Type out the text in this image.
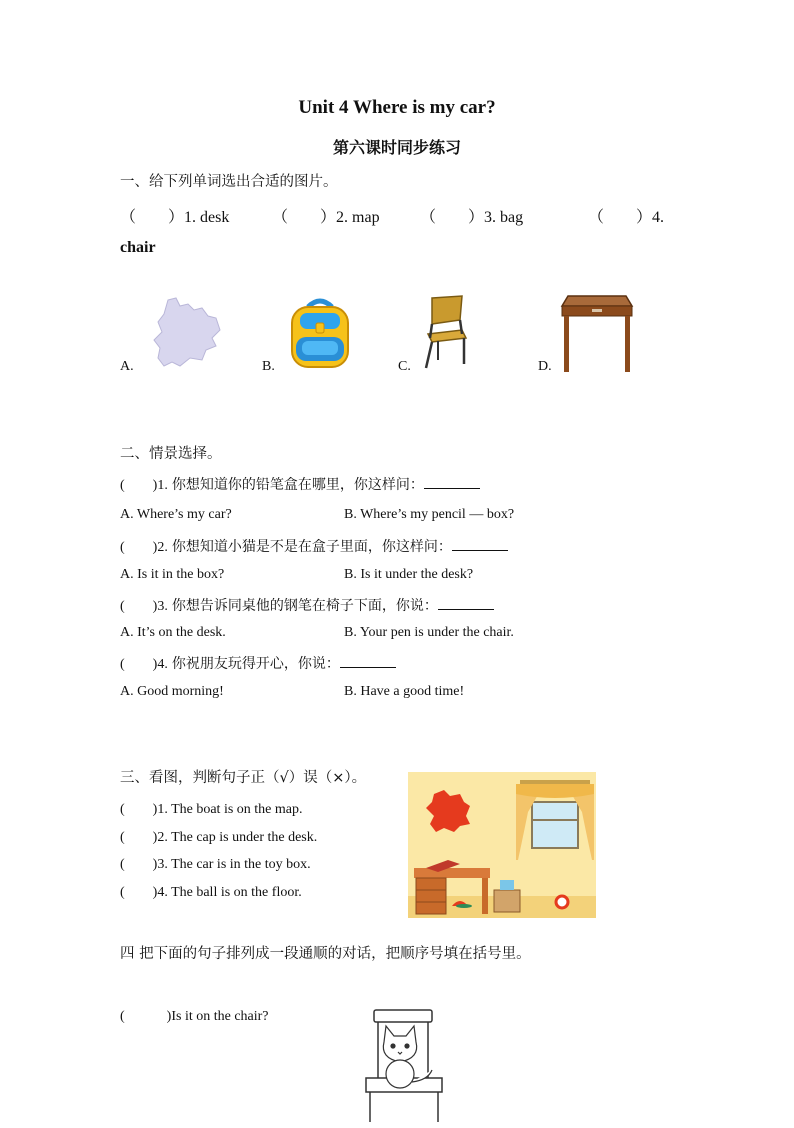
Unit 4 Where is my car?
第六课时同步练习
一、给下列单词选出合适的图片。
（　　）1. desk	（　　）2. map	（　　）3. bag	（　　）4.
chair
A.	B.	C.	D.
二、情景选择。
(　　)1. 你想知道你的铅笔盒在哪里，你这样问：
A. Where’s my car?	B. Where’s my pencil — box?
(　　)2. 你想知道小猫是不是在盒子里面，你这样问：
A. Is it in the box?	B. Is it under the desk?
(　　)3. 你想告诉同桌他的钢笔在椅子下面，你说：
A. It’s on the desk.	B. Your pen is under the chair.
(　　)4. 你祝朋友玩得开心，你说：
A. Good morning!	B. Have a good time!
三、看图，判断句子正（√）误（×）。
(　　)1. The boat is on the map.
(　　)2. The cap is under the desk.
(　　)3. The car is in the toy box.
(　　)4. The ball is on the floor.
四 把下面的句子排列成一段通顺的对话，把顺序号填在括号里。
(　　　)Is it on the chair?
